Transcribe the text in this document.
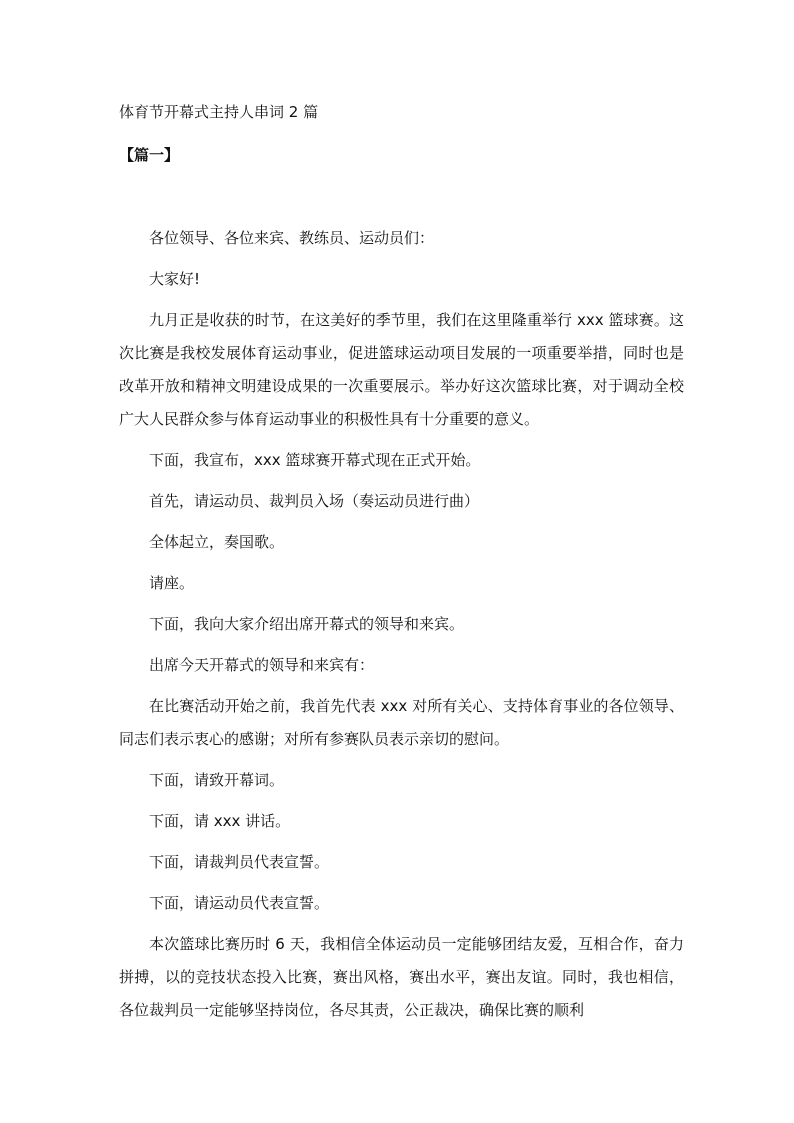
体育节开幕式主持人串词 2 篇
【篇一】

各位领导、各位来宾、教练员、运动员们：

大家好!

九月正是收获的时节，在这美好的季节里，我们在这里隆重举行 xxx 篮球赛。这次比赛是我校发展体育运动事业，促进篮球运动项目发展的一项重要举措，同时也是改革开放和精神文明建设成果的一次重要展示。举办好这次篮球比赛，对于调动全校广大人民群众参与体育运动事业的积极性具有十分重要的意义。

下面，我宣布，xxx 篮球赛开幕式现在正式开始。

首先，请运动员、裁判员入场（奏运动员进行曲）

全体起立，奏国歌。

请座。

下面，我向大家介绍出席开幕式的领导和来宾。

出席今天开幕式的领导和来宾有：

在比赛活动开始之前，我首先代表 xxx 对所有关心、支持体育事业的各位领导、同志们表示衷心的感谢；对所有参赛队员表示亲切的慰问。

下面，请致开幕词。

下面，请 xxx 讲话。

下面，请裁判员代表宣誓。

下面，请运动员代表宣誓。

本次篮球比赛历时 6 天，我相信全体运动员一定能够团结友爱，互相合作，奋力拼搏，以的竞技状态投入比赛，赛出风格，赛出水平，赛出友谊。同时，我也相信，各位裁判员一定能够坚持岗位，各尽其责，公正裁决，确保比赛的顺利
